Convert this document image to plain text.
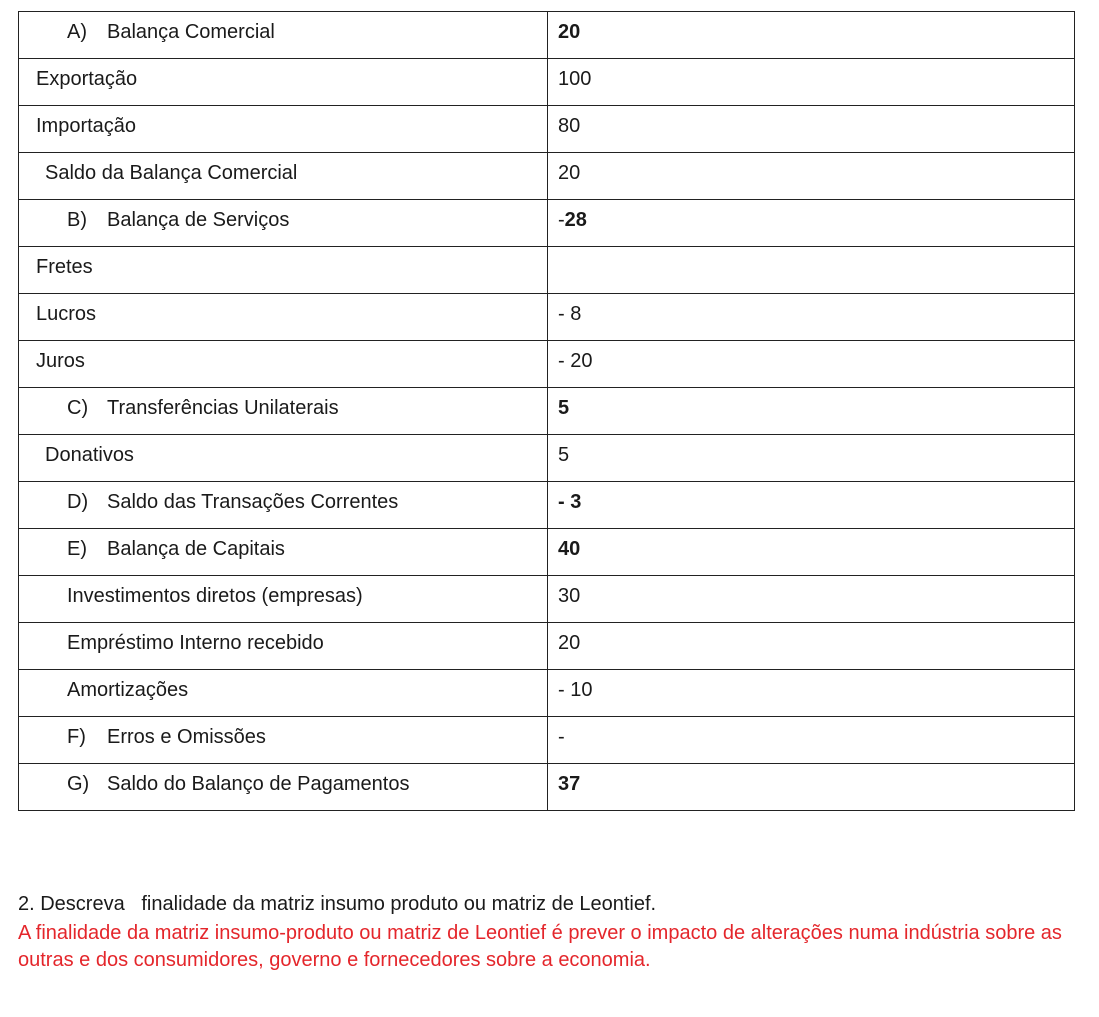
A) Balança Comercial	20

Exportação	100

Importação	80

Saldo da Balança Comercial	20

B) Balança de Serviços	-28

Fretes	

Lucros	- 8

Juros	- 20

C) Transferências Unilaterais	5

Donativos	5

D) Saldo das Transações Correntes	- 3

E) Balança de Capitais	40

Investimentos diretos (empresas)	30

Empréstimo Interno recebido	20

Amortizações	- 10

F) Erros e Omissões	-

G) Saldo do Balanço de Pagamentos	37
2. Descreva   finalidade da matriz insumo produto ou matriz de Leontief.
A finalidade da matriz insumo-produto ou matriz de Leontief é prever o impacto de alterações numa indústria sobre as outras e dos consumidores, governo e fornecedores sobre a economia.
